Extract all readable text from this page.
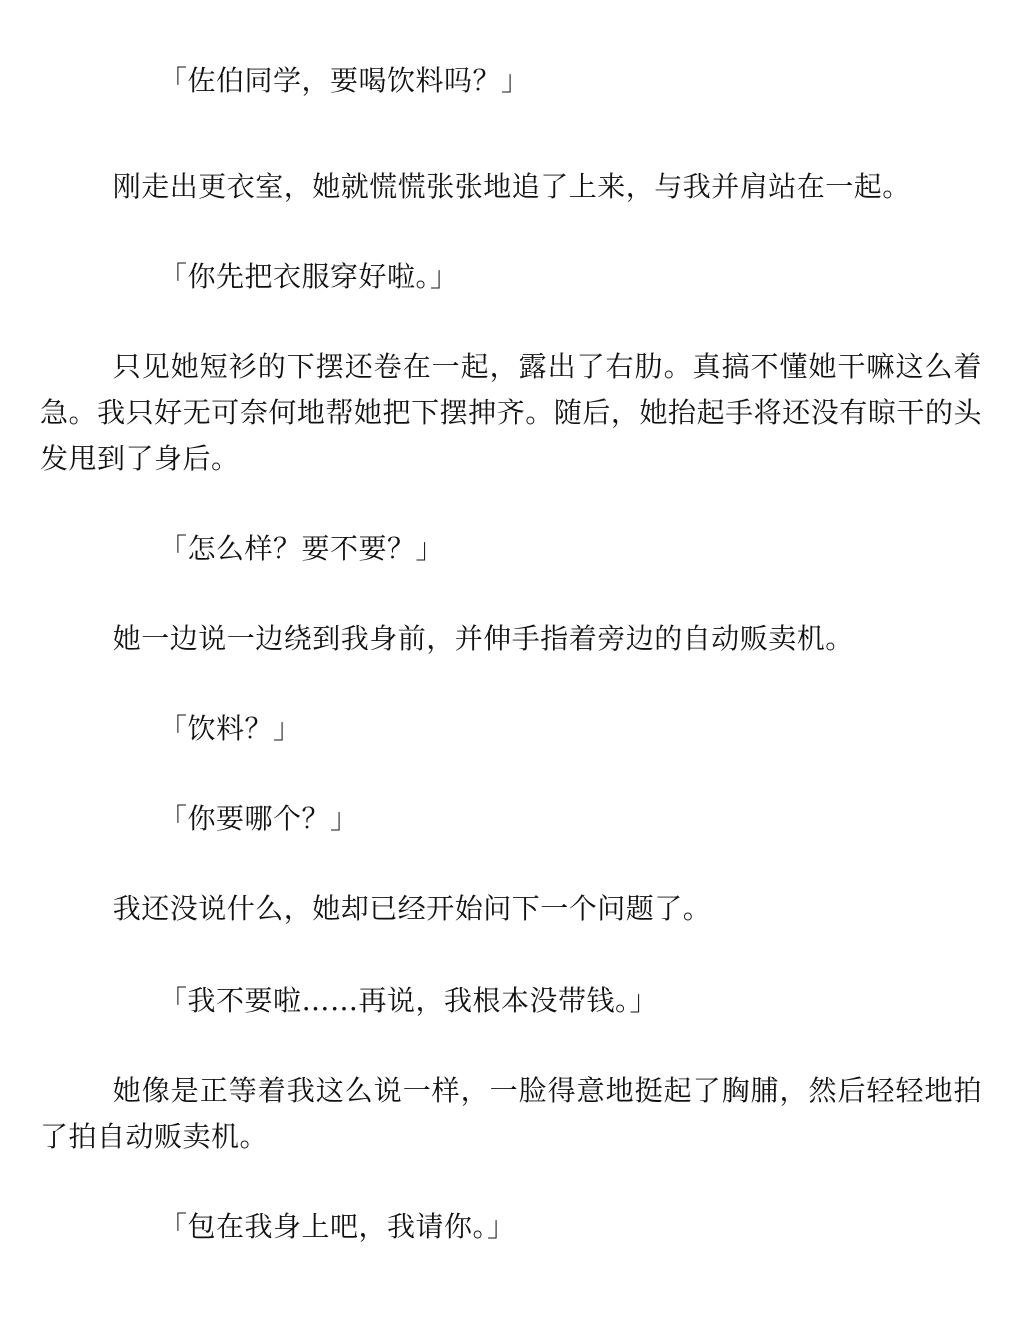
「佐伯同学，要喝饮料吗？」

刚走出更衣室，她就慌慌张张地追了上来，与我并肩站在一起。

「你先把衣服穿好啦。」

只见她短衫的下摆还卷在一起，露出了右肋。真搞不懂她干嘛这么着急。我只好无可奈何地帮她把下摆抻齐。随后，她抬起手将还没有晾干的头发甩到了身后。

「怎么样？要不要？」

她一边说一边绕到我身前，并伸手指着旁边的自动贩卖机。

「饮料？」

「你要哪个？」

我还没说什么，她却已经开始问下一个问题了。

「我不要啦……再说，我根本没带钱。」

她像是正等着我这么说一样，一脸得意地挺起了胸脯，然后轻轻地拍了拍自动贩卖机。

「包在我身上吧，我请你。」
